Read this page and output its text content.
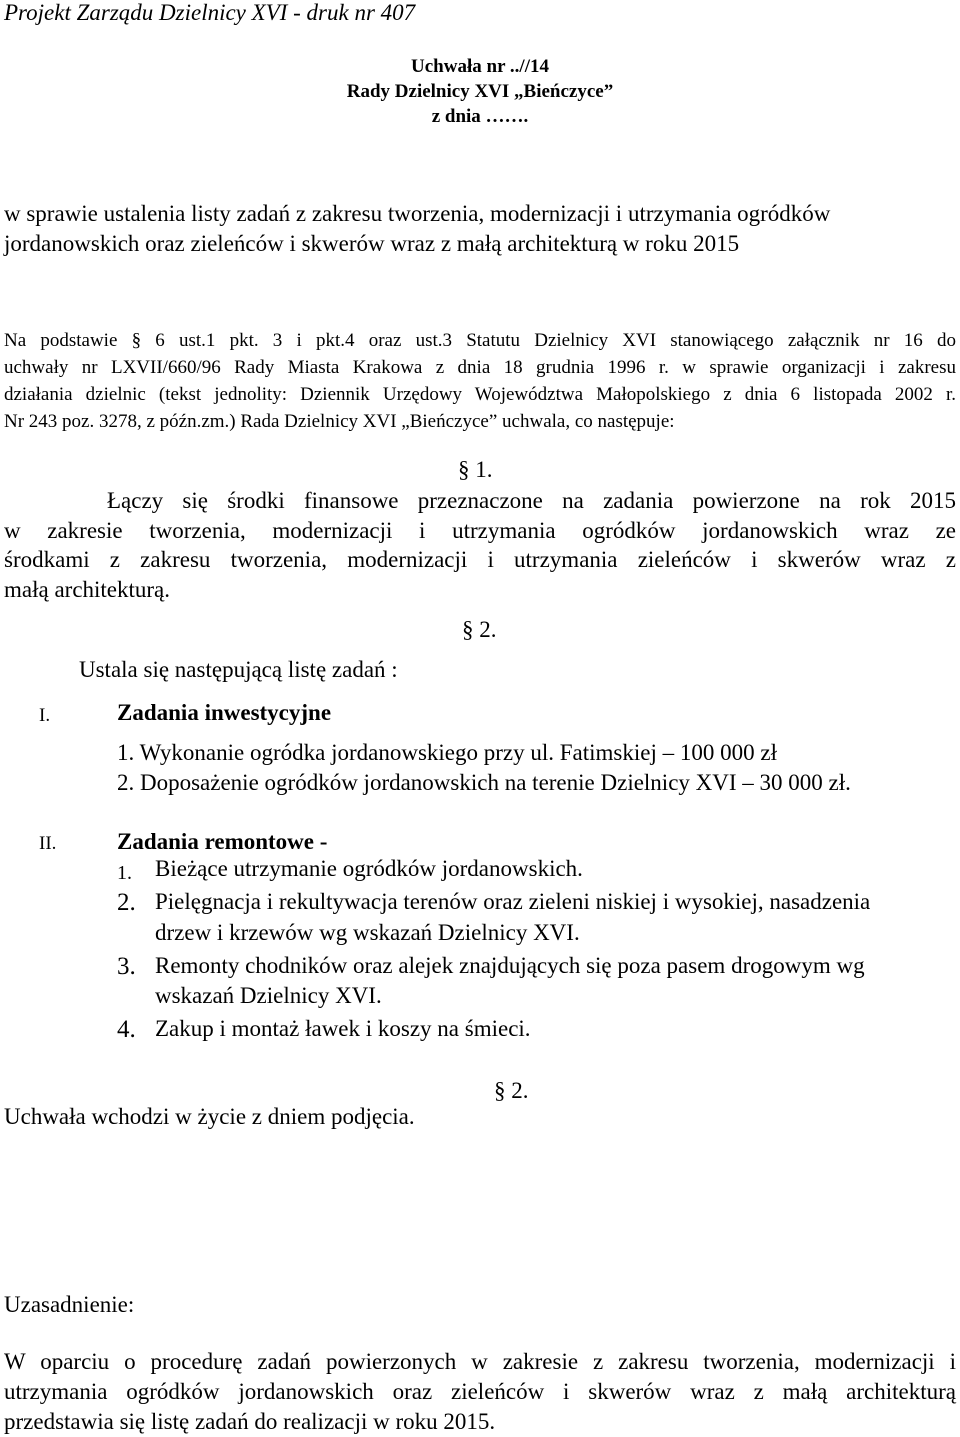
Projekt Zarządu Dzielnicy XVI - druk nr 407
Uchwała nr ..//14
Rady Dzielnicy XVI „Bieńczyce”
z dnia …….
w sprawie ustalenia listy zadań z zakresu tworzenia, modernizacji i utrzymania ogródków
jordanowskich oraz zieleńców i skwerów wraz z małą architekturą w roku 2015
Na podstawie § 6 ust.1 pkt. 3 i pkt.4 oraz ust.3 Statutu Dzielnicy XVI stanowiącego załącznik nr 16 do
uchwały nr LXVII/660/96 Rady Miasta Krakowa z dnia 18 grudnia 1996 r. w sprawie organizacji i zakresu
działania dzielnic (tekst jednolity: Dziennik Urzędowy Województwa Małopolskiego z dnia 6 listopada 2002 r.
Nr 243 poz. 3278, z późn.zm.) Rada Dzielnicy XVI „Bieńczyce” uchwala, co następuje:
§ 1.
Łączy się środki finansowe przeznaczone na zadania powierzone na rok 2015
w zakresie tworzenia, modernizacji i utrzymania ogródków jordanowskich wraz ze
środkami z zakresu tworzenia, modernizacji i utrzymania zieleńców i skwerów wraz z
małą architekturą.
§ 2.
Ustala się następującą listę zadań :
I.	Zadania inwestycyjne
1. Wykonanie ogródka jordanowskiego przy ul. Fatimskiej – 100 000 zł
2. Doposażenie ogródków jordanowskich na terenie Dzielnicy XVI – 30 000 zł.
II.	Zadania remontowe -
1. Bieżące utrzymanie ogródków jordanowskich.
2. Pielęgnacja i rekultywacja terenów oraz zieleni niskiej i wysokiej, nasadzenia
drzew i krzewów wg wskazań Dzielnicy XVI.
3. Remonty chodników oraz alejek znajdujących się poza pasem drogowym wg
wskazań Dzielnicy XVI.
4. Zakup i montaż ławek i koszy na śmieci.
§ 2.
Uchwała wchodzi w życie z dniem podjęcia.
Uzasadnienie:
W oparciu o procedurę zadań powierzonych w zakresie z zakresu tworzenia, modernizacji i
utrzymania ogródków jordanowskich oraz zieleńców i skwerów wraz z małą architekturą
przedstawia się listę zadań do realizacji w roku 2015.
